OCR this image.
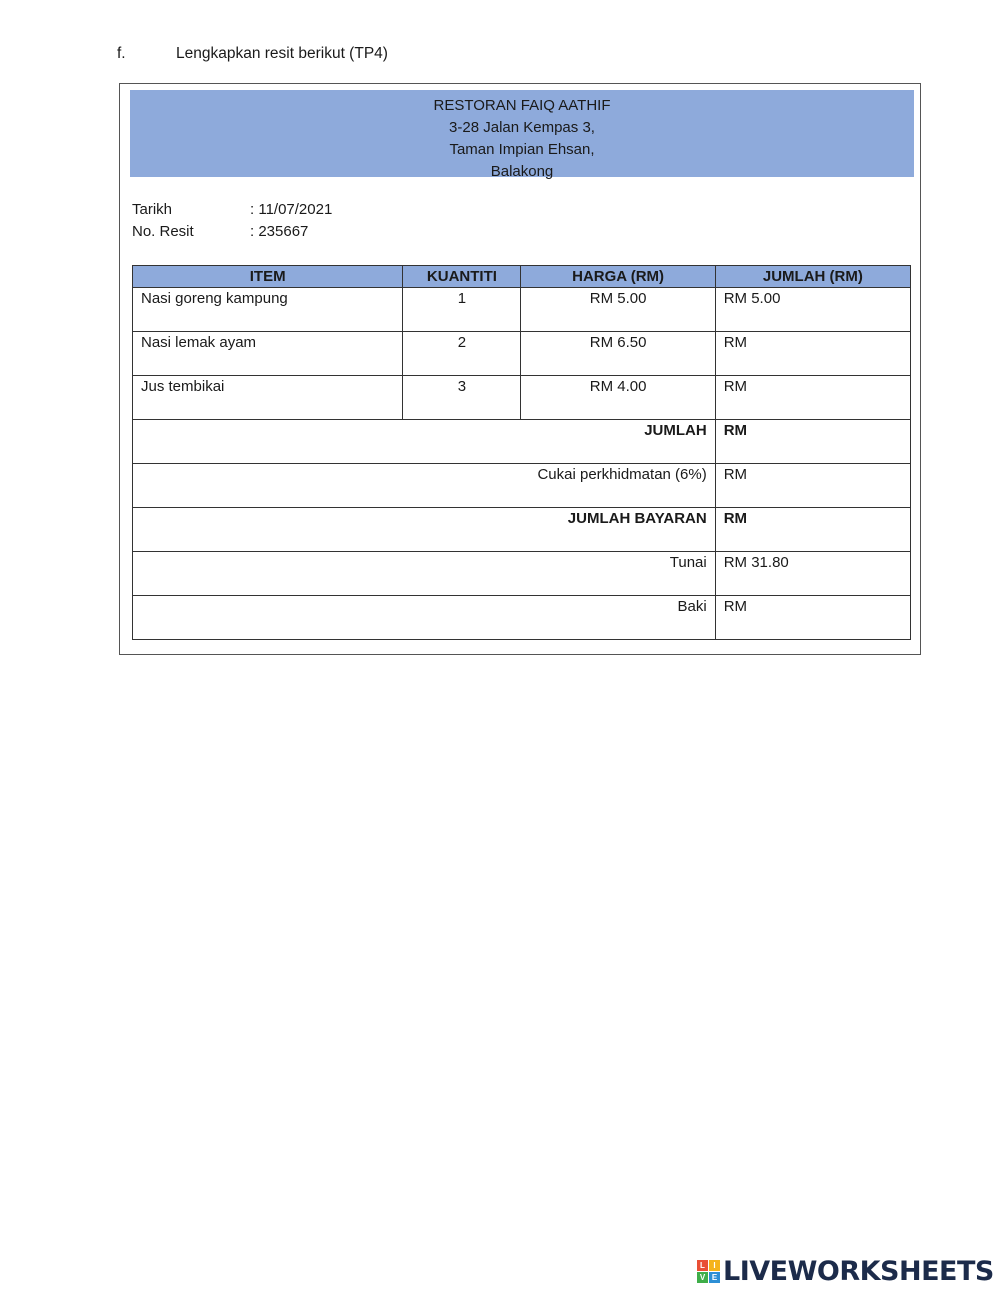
f.	Lengkapkan resit berikut (TP4)
RESTORAN FAIQ AATHIF
3-28 Jalan Kempas 3,
Taman Impian Ehsan,
Balakong
Tarikh	: 11/07/2021
No. Resit	: 235667
ITEM	KUANTITI	HARGA (RM)	JUMLAH (RM)
Nasi goreng kampung	1	RM 5.00	RM 5.00
Nasi lemak ayam	2	RM 6.50	RM
Jus tembikai	3	RM 4.00	RM
JUMLAH			RM
Cukai perkhidmatan (6%)			RM
JUMLAH BAYARAN			RM
Tunai			RM 31.80
Baki			RM
L	I
V E LIVEWORKSHEETS
